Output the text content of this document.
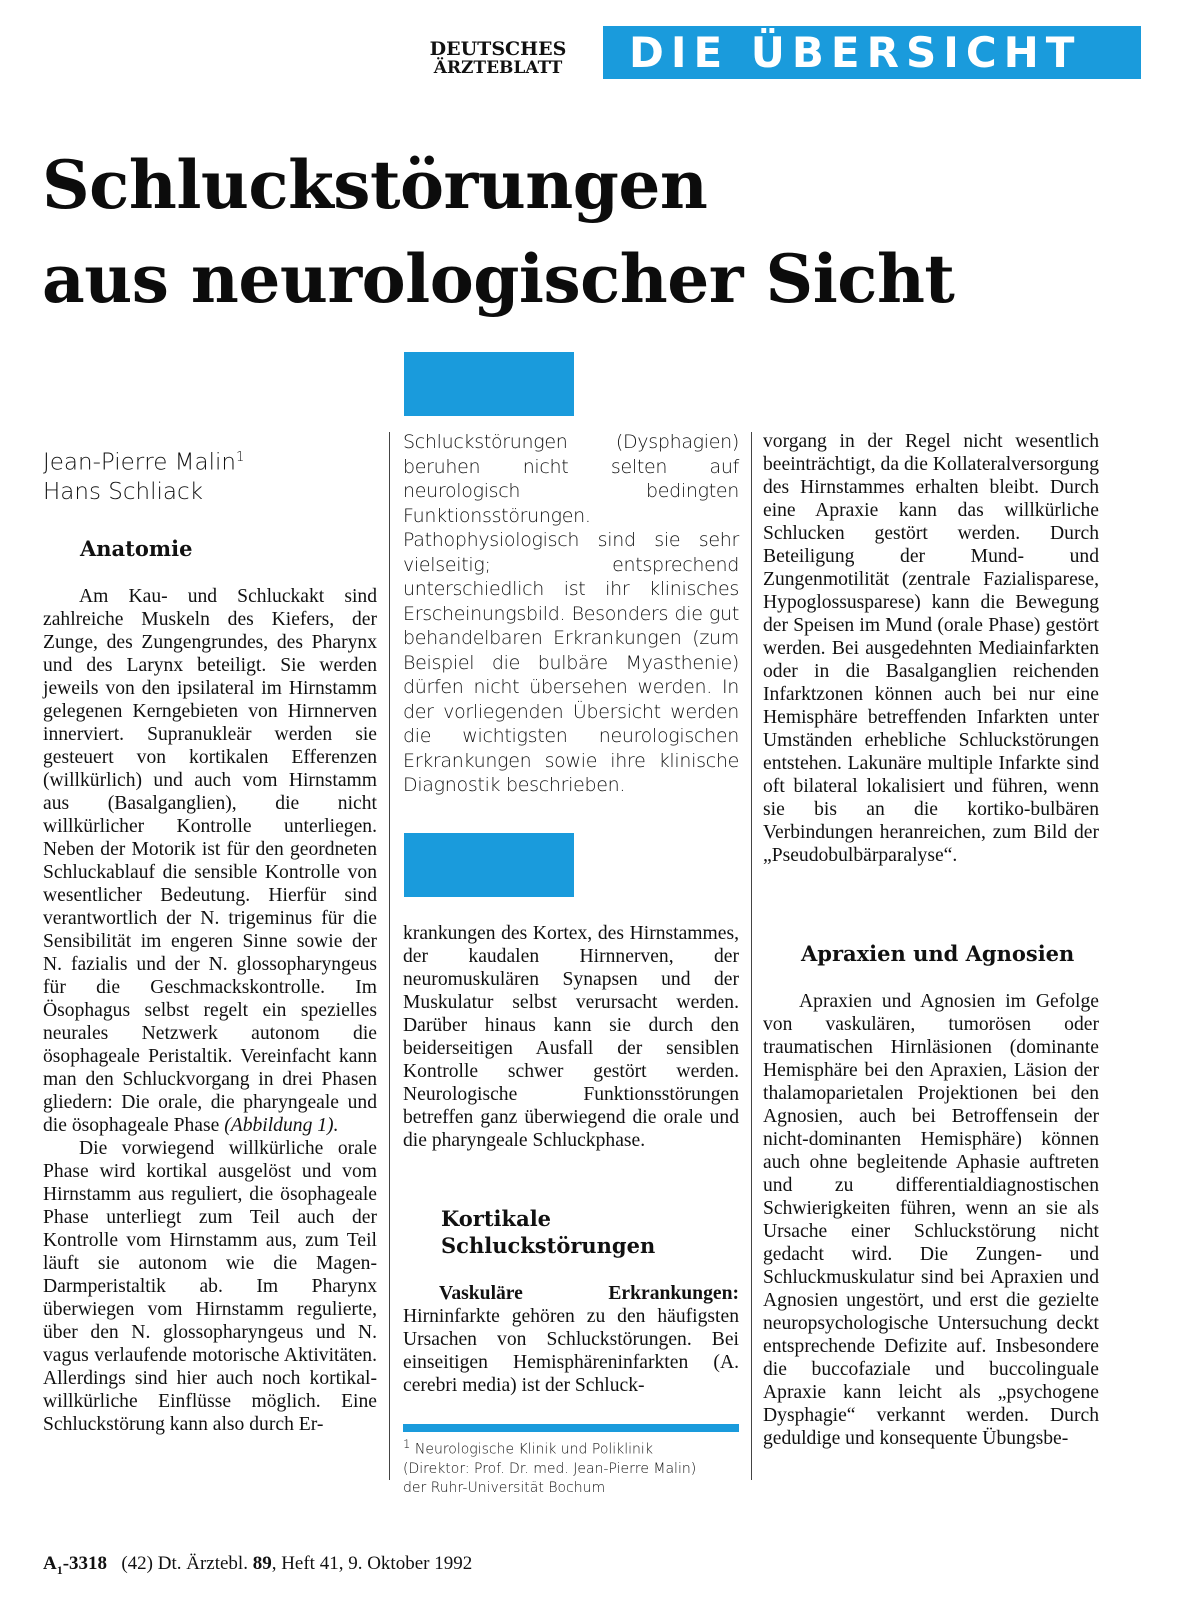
DEUTSCHES
ÄRZTEBLATT	DIE ÜBERSICHT
Schluckstörungen
aus neurologischer Sicht
Jean-Pierre Malin$^1$
Hans Schliack
Anatomie

Am Kau- und Schluckakt sind zahlreiche Muskeln des Kiefers, der Zunge, des Zungengrundes, des Pharynx und des Larynx beteiligt. Sie werden jeweils von den ipsilateral im Hirnstamm gelegenen Kerngebieten von Hirnnerven innerviert. Supranukleär werden sie gesteuert von kortikalen Efferenzen (willkürlich) und auch vom Hirnstamm aus (Basalganglien), die nicht willkürlicher Kontrolle unterliegen. Neben der Motorik ist für den geordneten Schluckablauf die sensible Kontrolle von wesentlicher Bedeutung. Hierfür sind verantwortlich der N. trigeminus für die Sensibilität im engeren Sinne sowie der N. fazialis und der N. glossopharyngeus für die Geschmackskontrolle. Im Ösophagus selbst regelt ein spezielles neurales Netzwerk autonom die ösophageale Peristaltik. Vereinfacht kann man den Schluckvorgang in drei Phasen gliedern: Die orale, die pharyngeale und die ösophageale Phase (Abbildung 1).

Die vorwiegend willkürliche orale Phase wird kortikal ausgelöst und vom Hirnstamm aus reguliert, die ösophageale Phase unterliegt zum Teil auch der Kontrolle vom Hirnstamm aus, zum Teil läuft sie autonom wie die Magen-Darmperistaltik ab. Im Pharynx überwiegen vom Hirnstamm regulierte, über den N. glossopharyngeus und N. vagus verlaufende motorische Aktivitäten. Allerdings sind hier auch noch kortikal-willkürliche Einflüsse möglich. Eine Schluckstörung kann also durch Er-

Schluckstörungen (Dysphagien) beruhen nicht selten auf neurologisch bedingten Funktionsstörungen. Pathophysiologisch sind sie sehr vielseitig; entsprechend unterschiedlich ist ihr klinisches Erscheinungsbild. Besonders die gut behandelbaren Erkrankungen (zum Beispiel die bulbäre Myasthenie) dürfen nicht übersehen werden. In der vorliegenden Übersicht werden die wichtigsten neurologischen Erkrankungen sowie ihre klinische Diagnostik beschrieben.

krankungen des Kortex, des Hirnstammes, der kaudalen Hirnnerven, der neuromuskulären Synapsen und der Muskulatur selbst verursacht werden. Darüber hinaus kann sie durch den beiderseitigen Ausfall der sensiblen Kontrolle schwer gestört werden. Neurologische Funktionsstörungen betreffen ganz überwiegend die orale und die pharyngeale Schluckphase.

Kortikale
Schluckstörungen

Vaskuläre Erkrankungen: Hirninfarkte gehören zu den häufigsten Ursachen von Schluckstörungen. Bei einseitigen Hemisphäreninfarkten (A. cerebri media) ist der Schluck-

$^1$ Neurologische Klinik und Poliklinik
(Direktor: Prof. Dr. med. Jean-Pierre Malin)
der Ruhr-Universität Bochum

vorgang in der Regel nicht wesentlich beeinträchtigt, da die Kollateralversorgung des Hirnstammes erhalten bleibt. Durch eine Apraxie kann das willkürliche Schlucken gestört werden. Durch Beteiligung der Mund- und Zungenmotilität (zentrale Fazialisparese, Hypoglossusparese) kann die Bewegung der Speisen im Mund (orale Phase) gestört werden. Bei ausgedehnten Mediainfarkten oder in die Basalganglien reichenden Infarktzonen können auch bei nur eine Hemisphäre betreffenden Infarkten unter Umständen erhebliche Schluckstörungen entstehen. Lakunäre multiple Infarkte sind oft bilateral lokalisiert und führen, wenn sie bis an die kortiko-bulbären Verbindungen heranreichen, zum Bild der „Pseudobulbärparalyse“.

Apraxien und Agnosien

Apraxien und Agnosien im Gefolge von vaskulären, tumorösen oder traumatischen Hirnläsionen (dominante Hemisphäre bei den Apraxien, Läsion der thalamoparietalen Projektionen bei den Agnosien, auch bei Betroffensein der nicht-dominanten Hemisphäre) können auch ohne begleitende Aphasie auftreten und zu differentialdiagnostischen Schwierigkeiten führen, wenn an sie als Ursache einer Schluckstörung nicht gedacht wird. Die Zungen- und Schluckmuskulatur sind bei Apraxien und Agnosien ungestört, und erst die gezielte neuropsychologische Untersuchung deckt entsprechende Defizite auf. Insbesondere die buccofaziale und buccolinguale Apraxie kann leicht als „psychogene Dysphagie“ verkannt werden. Durch geduldige und konsequente Übungsbe-

$A_1-3318$ (42) Dt. Ärztebl. 89, Heft 41, 9. Oktober 1992
